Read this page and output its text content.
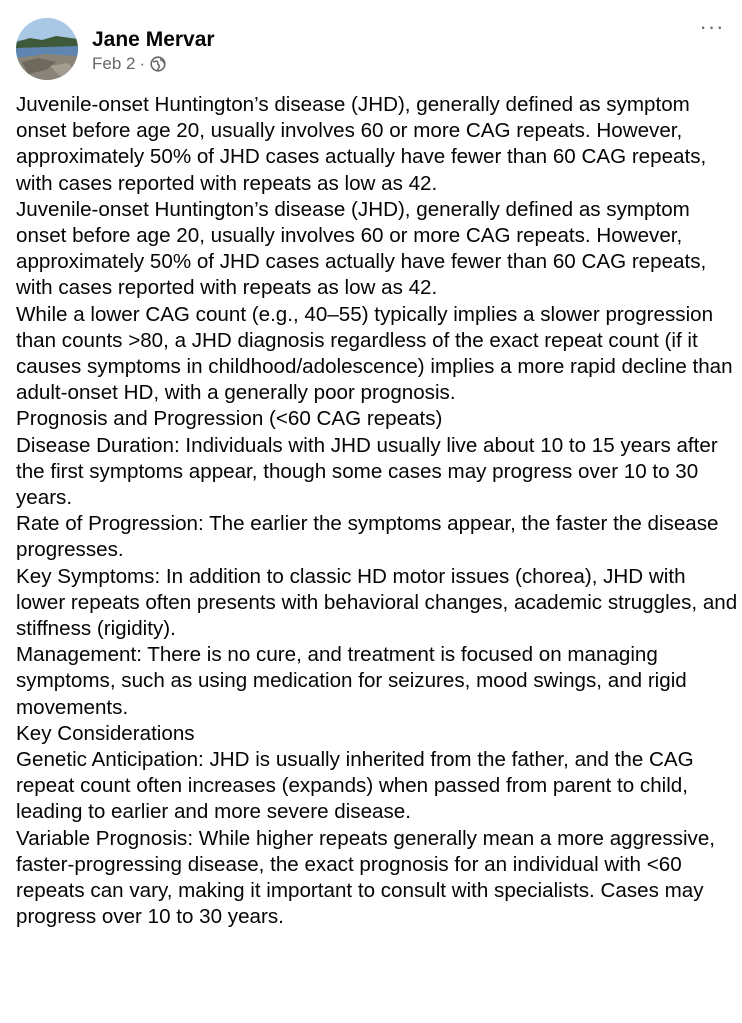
Jane Mervar
Feb 2 ·
···

Juvenile-onset Huntington’s disease (JHD), generally defined as symptom onset before age 20, usually involves 60 or more CAG repeats. However, approximately 50% of JHD cases actually have fewer than 60 CAG repeats, with cases reported with repeats as low as 42.

Juvenile-onset Huntington’s disease (JHD), generally defined as symptom onset before age 20, usually involves 60 or more CAG repeats. However, approximately 50% of JHD cases actually have fewer than 60 CAG repeats, with cases reported with repeats as low as 42.

While a lower CAG count (e.g., 40–55) typically implies a slower progression than counts >80, a JHD diagnosis regardless of the exact repeat count (if it causes symptoms in childhood/adolescence) implies a more rapid decline than adult-onset HD, with a generally poor prognosis.

Prognosis and Progression (<60 CAG repeats)

Disease Duration: Individuals with JHD usually live about 10 to 15 years after the first symptoms appear, though some cases may progress over 10 to 30 years.

Rate of Progression: The earlier the symptoms appear, the faster the disease progresses.

Key Symptoms: In addition to classic HD motor issues (chorea), JHD with lower repeats often presents with behavioral changes, academic struggles, and stiffness (rigidity).

Management: There is no cure, and treatment is focused on managing symptoms, such as using medication for seizures, mood swings, and rigid movements.

Key Considerations

Genetic Anticipation: JHD is usually inherited from the father, and the CAG repeat count often increases (expands) when passed from parent to child, leading to earlier and more severe disease.

Variable Prognosis: While higher repeats generally mean a more aggressive, faster-progressing disease, the exact prognosis for an individual with <60 repeats can vary, making it important to consult with specialists. Cases may progress over 10 to 30 years.
